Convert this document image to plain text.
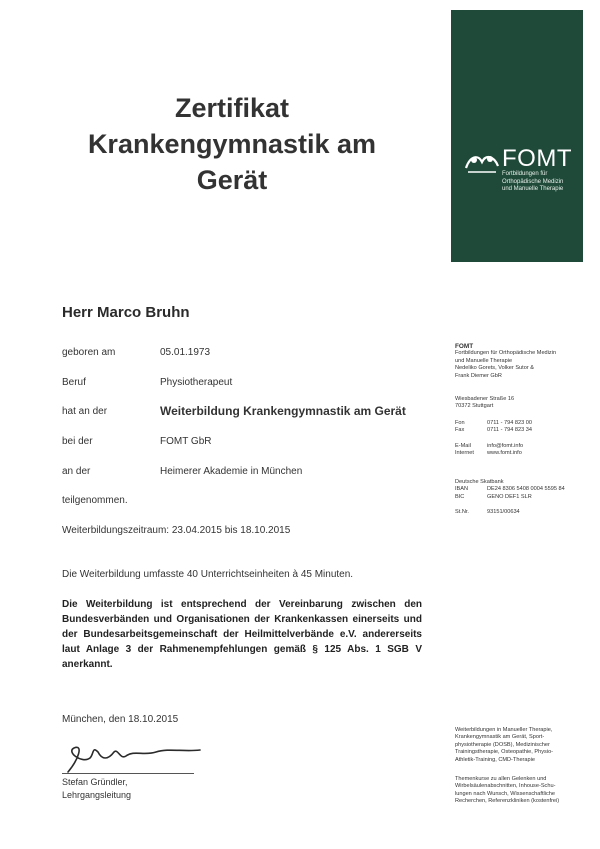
Zertifikat
Krankengymnastik am
Gerät
FOMT
Fortbildungen für
Orthopädische Medizin
und Manuelle Therapie
Herr Marco Bruhn
geboren am	05.01.1973
Beruf	Physiotherapeut
hat an der	Weiterbildung Krankengymnastik am Gerät
bei der	FOMT GbR
an der	Heimerer Akademie in München
teilgenommen.
Weiterbildungszeitraum: 23.04.2015 bis 18.10.2015
Die Weiterbildung umfasste 40 Unterrichtseinheiten à 45 Minuten.
Die Weiterbildung ist entsprechend der Vereinbarung zwischen den Bundesverbänden und Organisationen der Krankenkassen einerseits und der Bundesarbeitsgemeinschaft der Heilmittelverbände e.V. andererseits laut Anlage 3 der Rahmenempfehlungen gemäß § 125 Abs. 1 SGB V anerkannt.
München, den 18.10.2015
Stefan Gründler,
Lehrgangsleitung
FOMT
Fortbildungen für Orthopädische Medizin
und Manuelle Therapie
Nedeliko Gorets, Volker Sutor &
Frank Diemer GbR
Wiesbadener Straße 16
70372 Stuttgart
Fon	0711 - 794 823 00
Fax	0711 - 794 823 34
E-Mail	info@fomt.info
Internet	www.fomt.info
Deutsche Skatbank
IBAN	DE24 8306 5408 0004 5595 84
BIC	GENO DEF1 SLR
St.Nr.	93151/00634
Weiterbildungen in Manueller Therapie,
Krankengymnastik am Gerät, Sport-
physiotherapie (DOSB), Medizinischer
Trainingstherapie, Osteopathie, Physio-
Athletik-Training, CMD-Therapie
Themenkurse zu allen Gelenken und
Wirbelsäulenabschnitten, Inhouse-Schu-
lungen nach Wunsch, Wissenschaftliche
Recherchen, Referenzkliniken (kostenfrei)
